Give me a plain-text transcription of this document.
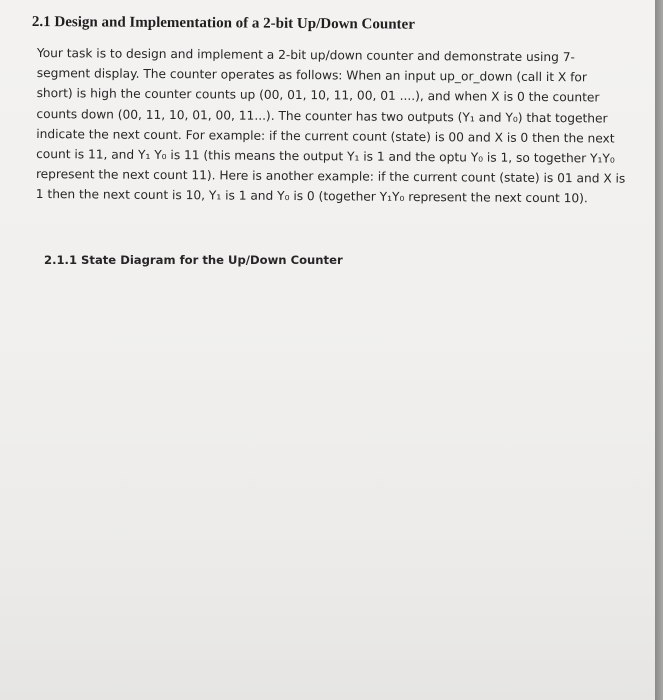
2.1 Design and Implementation of a 2-bit Up/Down Counter
Your task is to design and implement a 2-bit up/down counter and demonstrate using 7-
segment display. The counter operates as follows: When an input up_or_down (call it X for
short) is high the counter counts up (00, 01, 10, 11, 00, 01 ....), and when X is 0 the counter
counts down (00, 11, 10, 01, 00, 11...). The counter has two outputs (Y₁ and Y₀) that together
indicate the next count. For example: if the current count (state) is 00 and X is 0 then the next
count is 11, and Y₁ Y₀ is 11 (this means the output Y₁ is 1 and the optu Y₀ is 1, so together Y₁Y₀
represent the next count 11). Here is another example: if the current count (state) is 01 and X is
1 then the next count is 10, Y₁ is 1 and Y₀ is 0 (together Y₁Y₀ represent the next count 10).
2.1.1 State Diagram for the Up/Down Counter
